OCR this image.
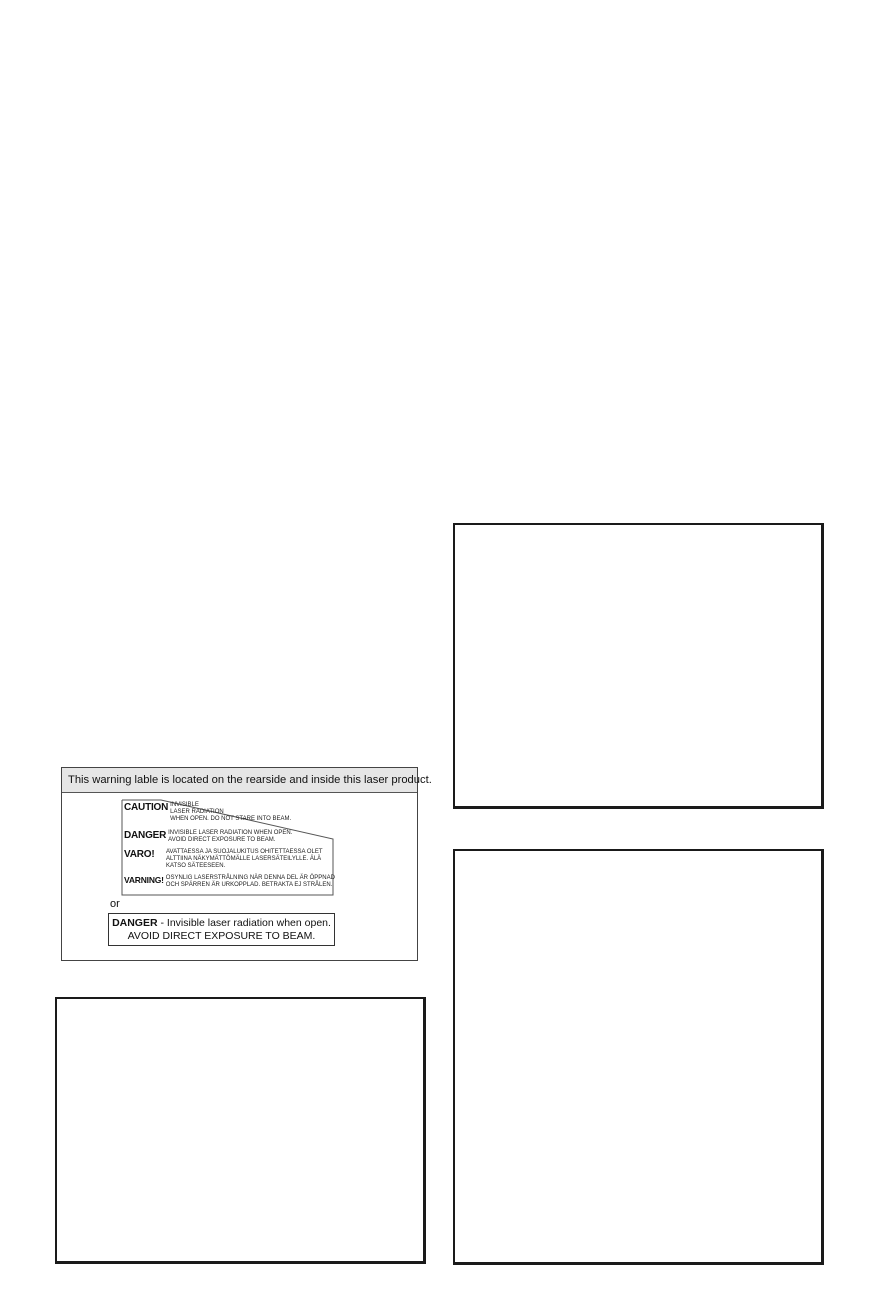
This warning lable is located on the rearside and inside this laser product.
CAUTION INVISIBLE
LASER RADIATION
WHEN OPEN. DO NOT STARE INTO BEAM.
DANGER INVISIBLE LASER RADIATION WHEN OPEN.
AVOID DIRECT EXPOSURE TO BEAM.
VARO!	AVATTAESSA JA SUOJALUKITUS OHITETTAESSA OLET
ALTTIINA NÄKYMÄTTÖMÄLLE LASERSÄTEILYLLE. ÄLÄ
KATSO SÄTEESEEN.
VARNING! OSYNLIG LASERSTRÅLNING NÄR DENNA DEL ÄR ÖPPNAD
OCH SPÄRREN ÄR URKOPPLAD. BETRAKTA EJ STRÅLEN.
or
DANGER - Invisible laser radiation when open.
AVOID DIRECT EXPOSURE TO BEAM.
